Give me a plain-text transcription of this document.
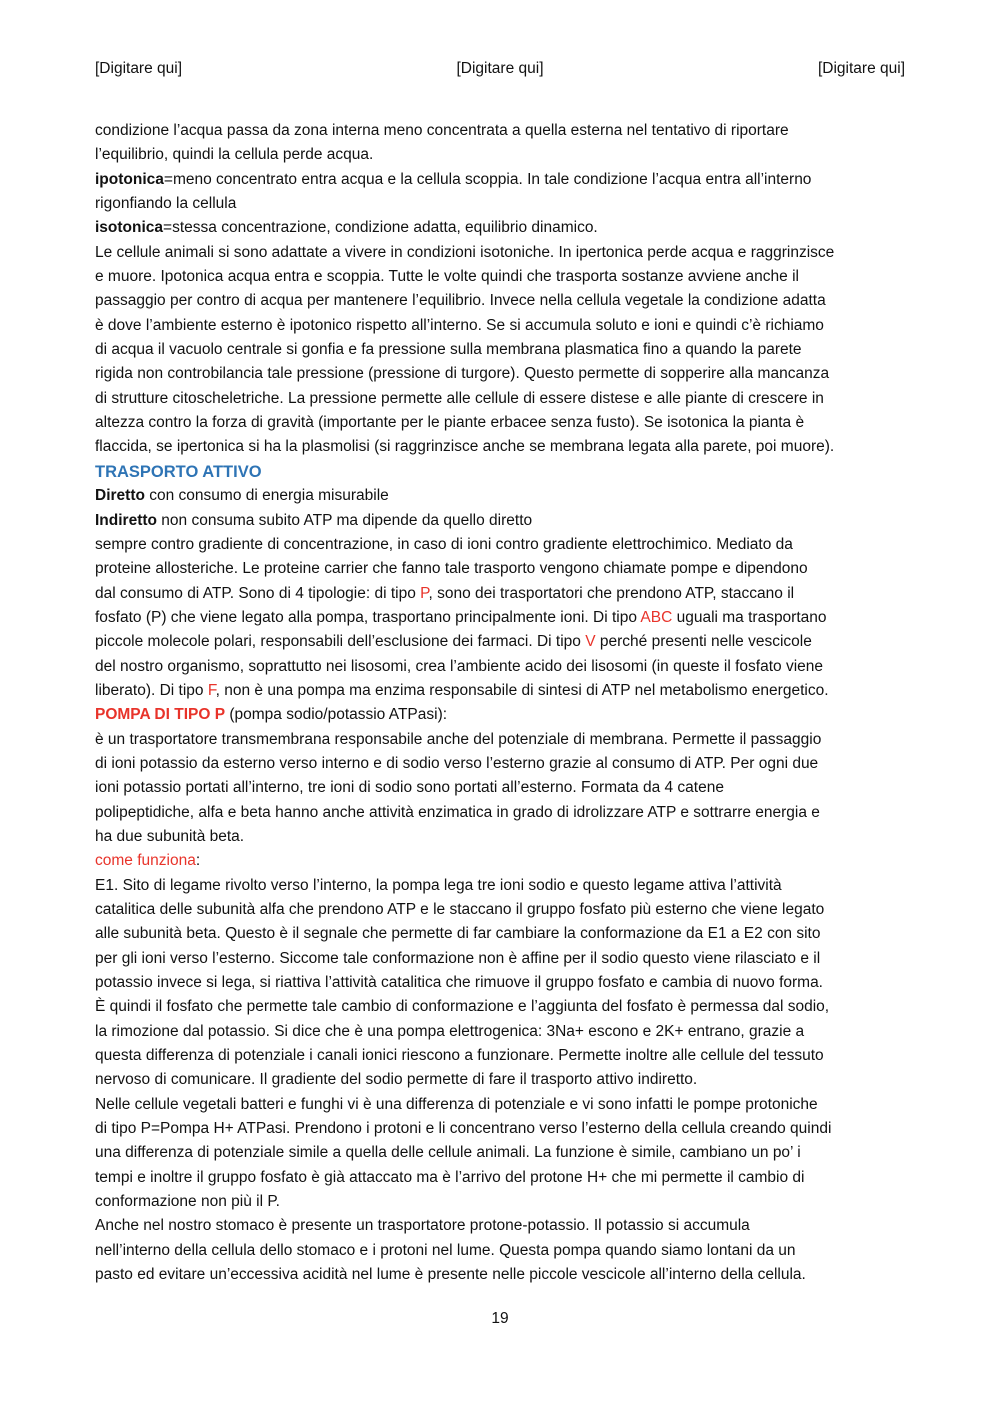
[Digitare qui]	[Digitare qui]	[Digitare qui]

condizione l’acqua passa da zona interna meno concentrata a quella esterna nel tentativo di riportare

l’equilibrio, quindi la cellula perde acqua.

ipotonica=meno concentrato entra acqua e la cellula scoppia. In tale condizione l’acqua entra all’interno

rigonfiando la cellula

isotonica=stessa concentrazione, condizione adatta, equilibrio dinamico.

Le cellule animali si sono adattate a vivere in condizioni isotoniche. In ipertonica perde acqua e raggrinzisce

e muore. Ipotonica acqua entra e scoppia. Tutte le volte quindi che trasporta sostanze avviene anche il

passaggio per contro di acqua per mantenere l’equilibrio. Invece nella cellula vegetale la condizione adatta

è dove l’ambiente esterno è ipotonico rispetto all’interno. Se si accumula soluto e ioni e quindi c’è richiamo

di acqua il vacuolo centrale si gonfia e fa pressione sulla membrana plasmatica fino a quando la parete

rigida non controbilancia tale pressione (pressione di turgore). Questo permette di sopperire alla mancanza

di strutture citoscheletriche. La pressione permette alle cellule di essere distese e alle piante di crescere in

altezza contro la forza di gravità (importante per le piante erbacee senza fusto). Se isotonica la pianta è

flaccida, se ipertonica si ha la plasmolisi (si raggrinzisce anche se membrana legata alla parete, poi muore).

TRASPORTO ATTIVO

Diretto con consumo di energia misurabile

Indiretto non consuma subito ATP ma dipende da quello diretto

sempre contro gradiente di concentrazione, in caso di ioni contro gradiente elettrochimico. Mediato da

proteine allosteriche. Le proteine carrier che fanno tale trasporto vengono chiamate pompe e dipendono

dal consumo di ATP. Sono di 4 tipologie: di tipo P, sono dei trasportatori che prendono ATP, staccano il

fosfato (P) che viene legato alla pompa, trasportano principalmente ioni. Di tipo ABC uguali ma trasportano

piccole molecole polari, responsabili dell’esclusione dei farmaci. Di tipo V perché presenti nelle vescicole

del nostro organismo, soprattutto nei lisosomi, crea l’ambiente acido dei lisosomi (in queste il fosfato viene

liberato). Di tipo F, non è una pompa ma enzima responsabile di sintesi di ATP nel metabolismo energetico.

POMPA DI TIPO P (pompa sodio/potassio ATPasi):

è un trasportatore transmembrana responsabile anche del potenziale di membrana. Permette il passaggio

di ioni potassio da esterno verso interno e di sodio verso l’esterno grazie al consumo di ATP. Per ogni due

ioni potassio portati all’interno, tre ioni di sodio sono portati all’esterno. Formata da 4 catene

polipeptidiche, alfa e beta hanno anche attività enzimatica in grado di idrolizzare ATP e sottrarre energia e

ha due subunità beta.

come funziona:

E1. Sito di legame rivolto verso l’interno, la pompa lega tre ioni sodio e questo legame attiva l’attività

catalitica delle subunità alfa che prendono ATP e le staccano il gruppo fosfato più esterno che viene legato

alle subunità beta. Questo è il segnale che permette di far cambiare la conformazione da E1 a E2 con sito

per gli ioni verso l’esterno. Siccome tale conformazione non è affine per il sodio questo viene rilasciato e il

potassio invece si lega, si riattiva l’attività catalitica che rimuove il gruppo fosfato e cambia di nuovo forma.

È quindi il fosfato che permette tale cambio di conformazione e l’aggiunta del fosfato è permessa dal sodio,

la rimozione dal potassio. Si dice che è una pompa elettrogenica: 3Na+ escono e 2K+ entrano, grazie a

questa differenza di potenziale i canali ionici riescono a funzionare. Permette inoltre alle cellule del tessuto

nervoso di comunicare. Il gradiente del sodio permette di fare il trasporto attivo indiretto.

Nelle cellule vegetali batteri e funghi vi è una differenza di potenziale e vi sono infatti le pompe protoniche

di tipo P=Pompa H+ ATPasi. Prendono i protoni e li concentrano verso l’esterno della cellula creando quindi

una differenza di potenziale simile a quella delle cellule animali. La funzione è simile, cambiano un po’ i

tempi e inoltre il gruppo fosfato è già attaccato ma è l’arrivo del protone H+ che mi permette il cambio di

conformazione non più il P.

Anche nel nostro stomaco è presente un trasportatore protone-potassio. Il potassio si accumula

nell’interno della cellula dello stomaco e i protoni nel lume. Questa pompa quando siamo lontani da un

pasto ed evitare un’eccessiva acidità nel lume è presente nelle piccole vescicole all’interno della cellula.

19
